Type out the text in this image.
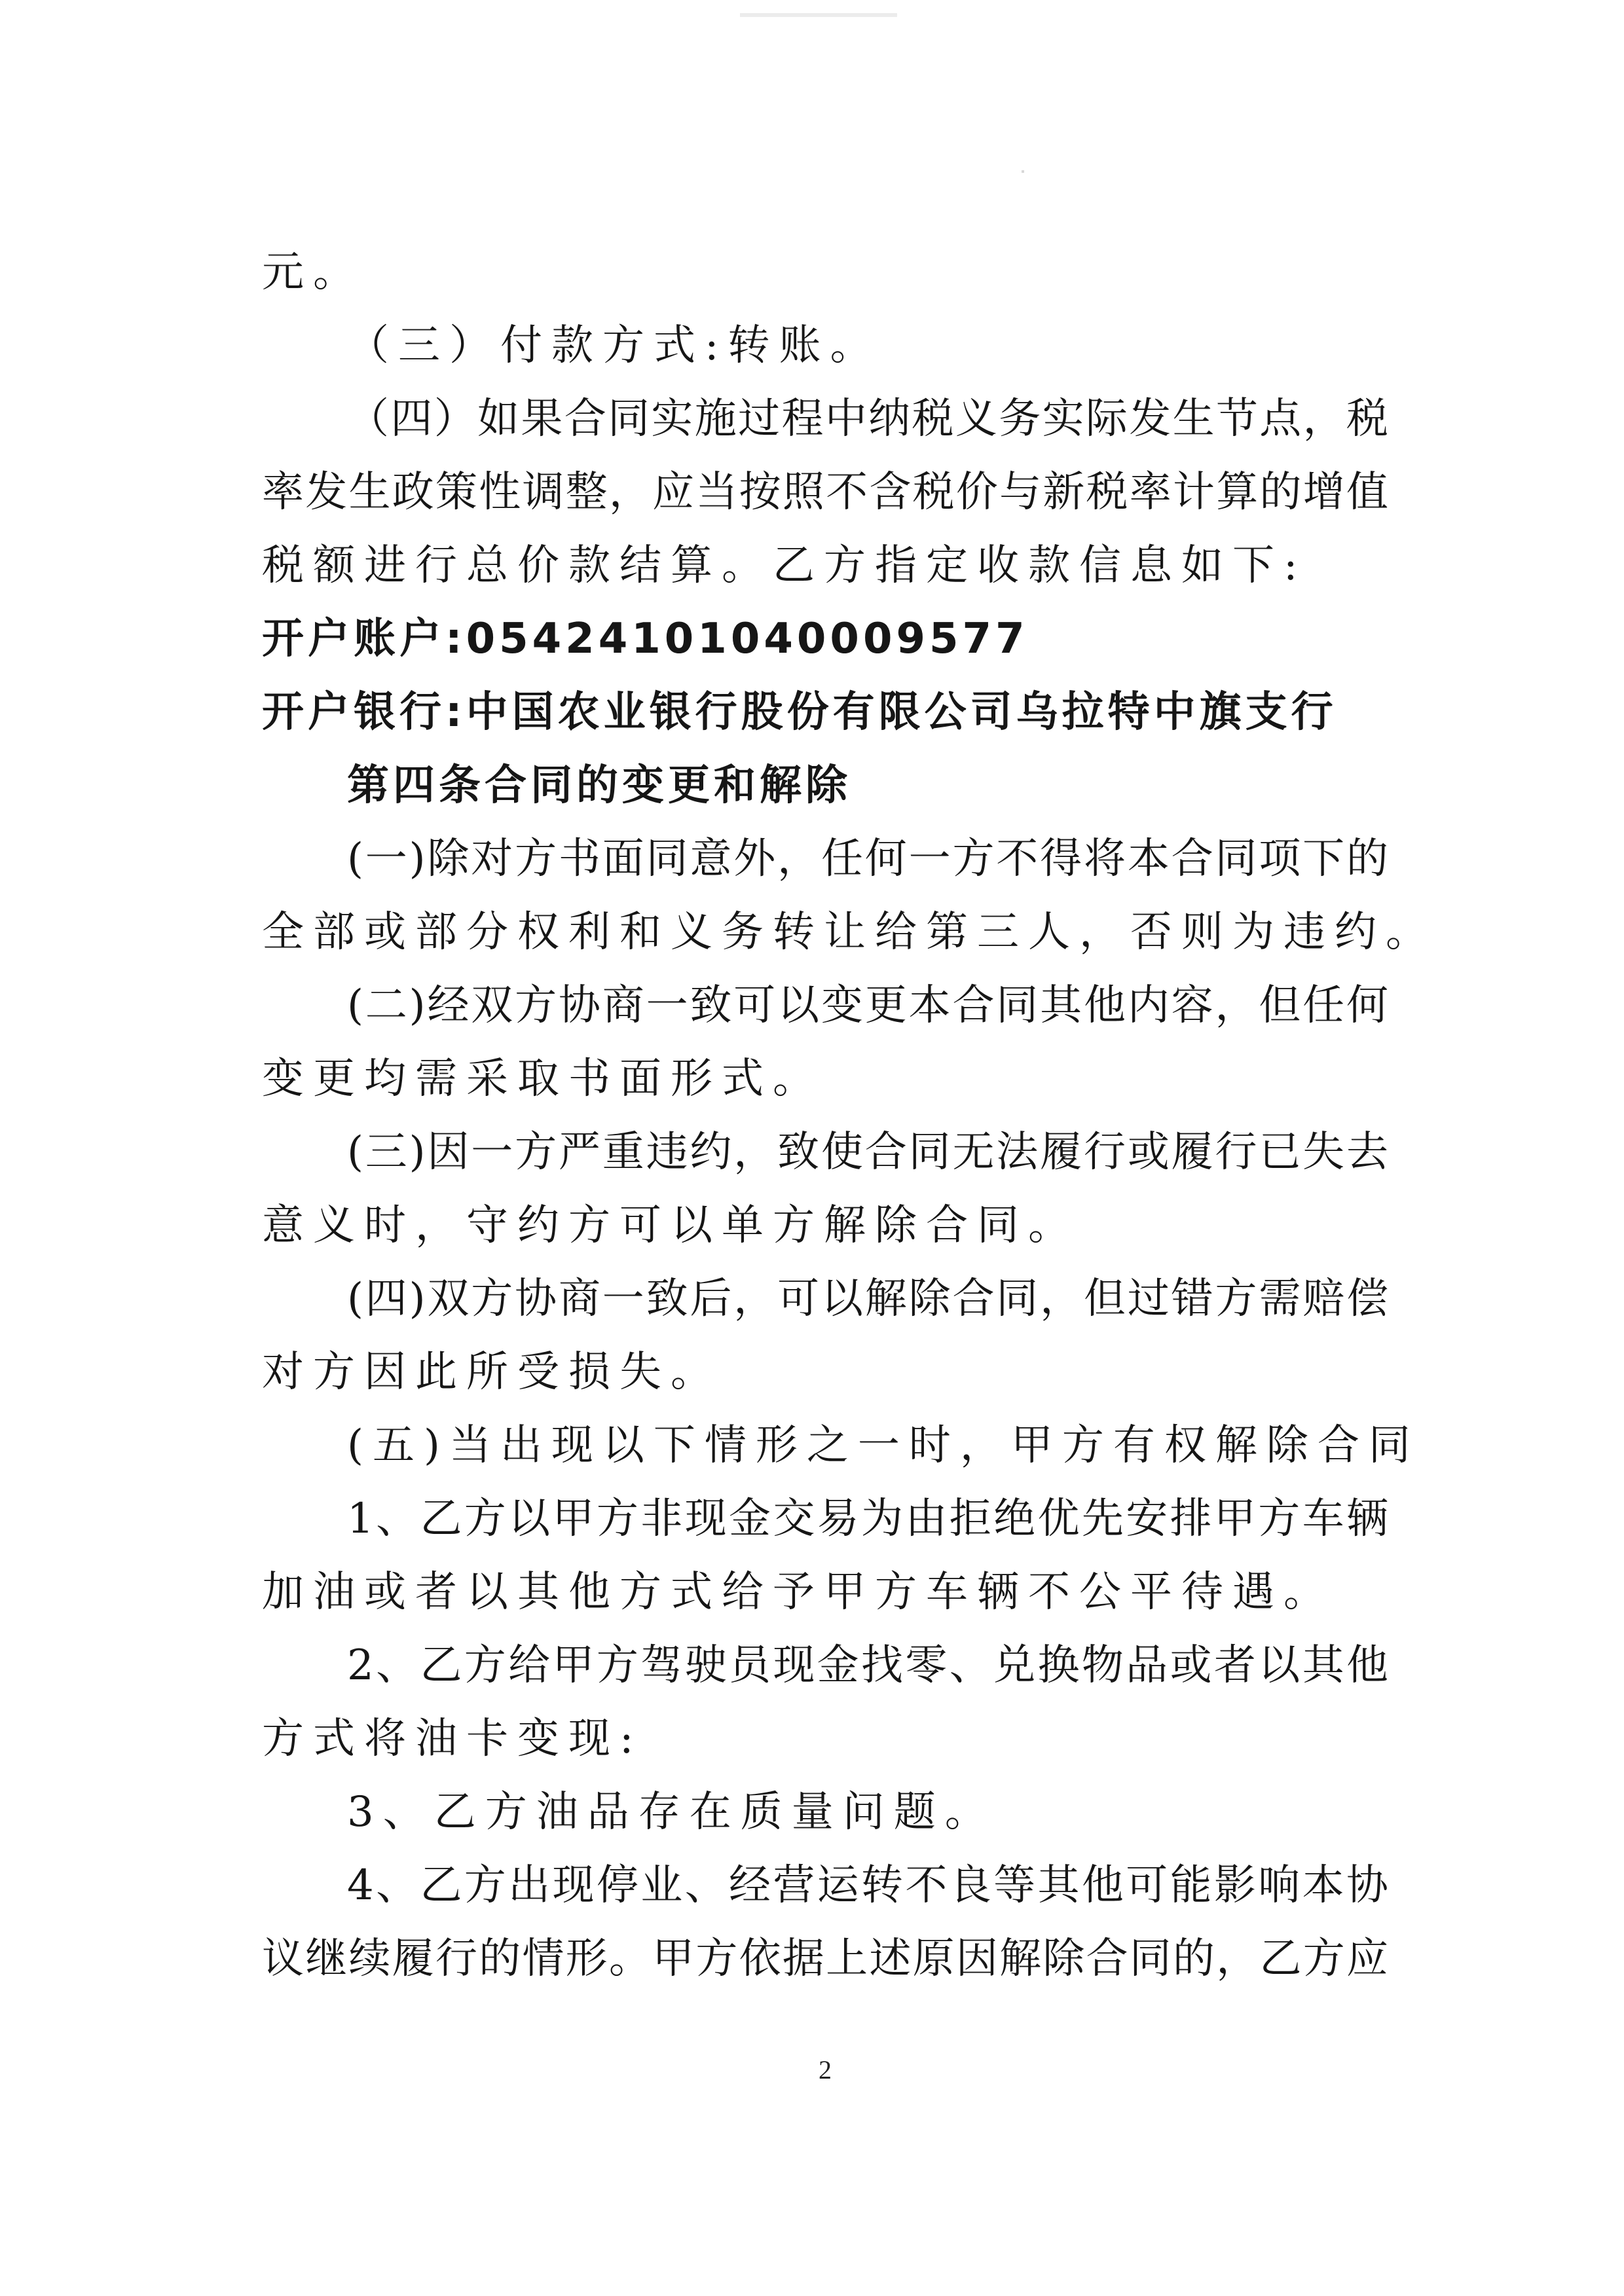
元。
（三）付款方式:转账。
（四）如果合同实施过程中纳税义务实际发生节点，税
率发生政策性调整，应当按照不含税价与新税率计算的增值
税额进行总价款结算。乙方指定收款信息如下:
开户账户:05424101040009577
开户银行:中国农业银行股份有限公司乌拉特中旗支行
第四条合同的变更和解除
(一)除对方书面同意外，任何一方不得将本合同项下的
全部或部分权利和义务转让给第三人，否则为违约。
(二)经双方协商一致可以变更本合同其他内容，但任何
变更均需采取书面形式。
(三)因一方严重违约，致使合同无法履行或履行已失去
意义时，守约方可以单方解除合同。
(四)双方协商一致后，可以解除合同，但过错方需赔偿
对方因此所受损失。
(五)当出现以下情形之一时，甲方有权解除合同
1、乙方以甲方非现金交易为由拒绝优先安排甲方车辆
加油或者以其他方式给予甲方车辆不公平待遇。
2、乙方给甲方驾驶员现金找零、兑换物品或者以其他
方式将油卡变现:
3、乙方油品存在质量问题。
4、乙方出现停业、经营运转不良等其他可能影响本协
议继续履行的情形。甲方依据上述原因解除合同的，乙方应
2
